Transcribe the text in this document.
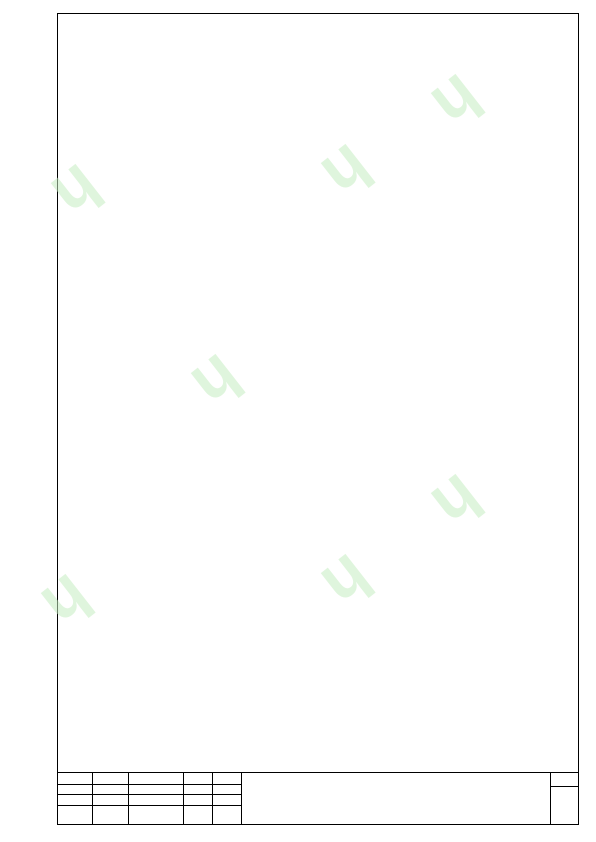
ᶣ ᶣ
ᶣ ᶣ
ᶣ
ᶣ
ᶣ
